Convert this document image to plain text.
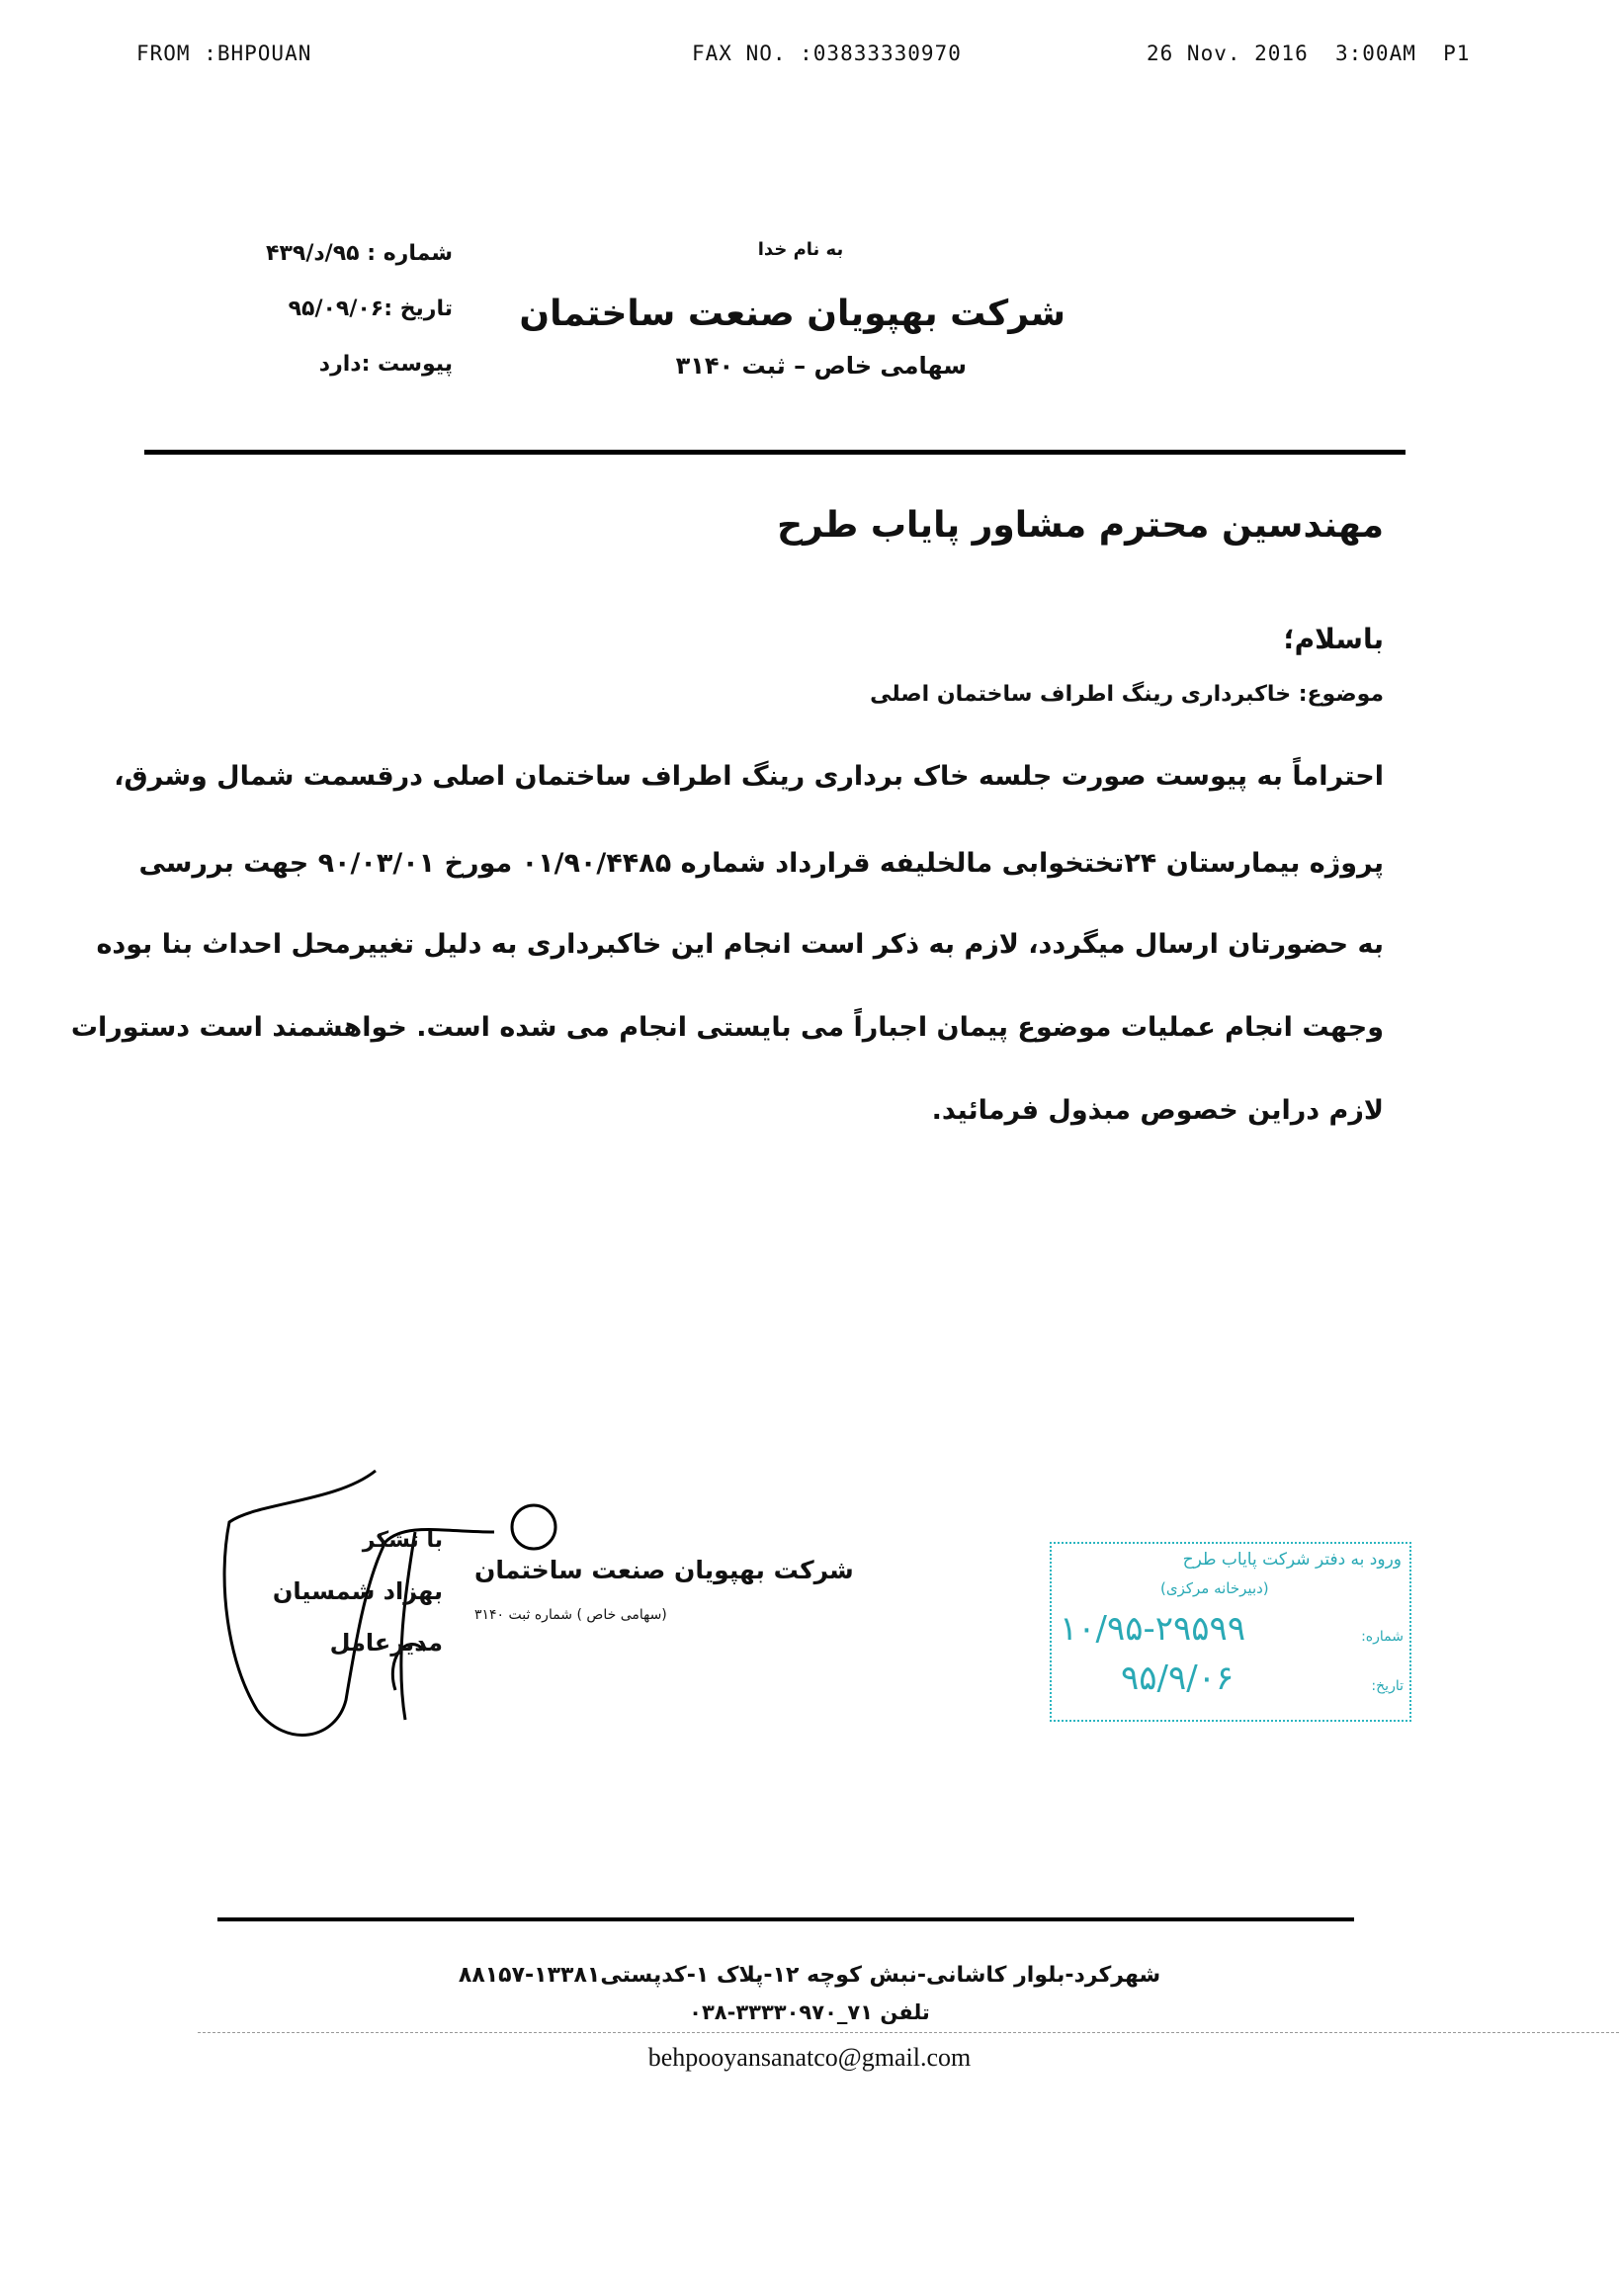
FROM :BHPOUAN	FAX NO. :03833330970	26 Nov. 2016  3:00AM  P1
به نام خدا
شرکت بهپویان صنعت ساختمان
سهامی خاص – ثبت ۳۱۴۰
شماره : ۹۵/د/۴۳۹
تاریخ :۹۵/۰۹/۰۶
پیوست :دارد
مهندسین محترم مشاور پایاب طرح
باسلام؛
موضوع: خاکبرداری رینگ اطراف ساختمان اصلی
احتراماً به پیوست صورت جلسه خاک برداری رینگ اطراف ساختمان اصلی درقسمت شمال وشرق،
پروژه بیمارستان ۲۴تختخوابی مالخلیفه قرارداد شماره ۰۱/۹۰/۴۴۸۵ مورخ ۹۰/۰۳/۰۱ جهت بررسی
به حضورتان ارسال میگردد، لازم به ذکر است انجام این خاکبرداری به دلیل تغییرمحل احداث بنا بوده
وجهت انجام عملیات موضوع پیمان اجباراً می بایستی انجام می شده است. خواهشمند است دستورات
لازم دراین خصوص مبذول فرمائید.
با تشکر
بهزاد شمسیان
مدیرعامل
شرکت بهپویان صنعت ساختمان
(سهامی خاص ) شماره ثبت ۳۱۴۰
ورود به دفتر شرکت پایاب طرح
(دبیرخانه مرکزی)
شماره:
۱۰/۹۵-۲۹۵۹۹
تاریخ:
۹۵/۹/۰۶
شهرکرد-بلوار کاشانی-نبش کوچه ۱۲-پلاک ۱-کدپستی۱۳۳۸۱-۸۸۱۵۷
تلفن ۷۱_۳۳۳۳۰۹۷۰-۰۳۸
behpooyansanatco@gmail.com
